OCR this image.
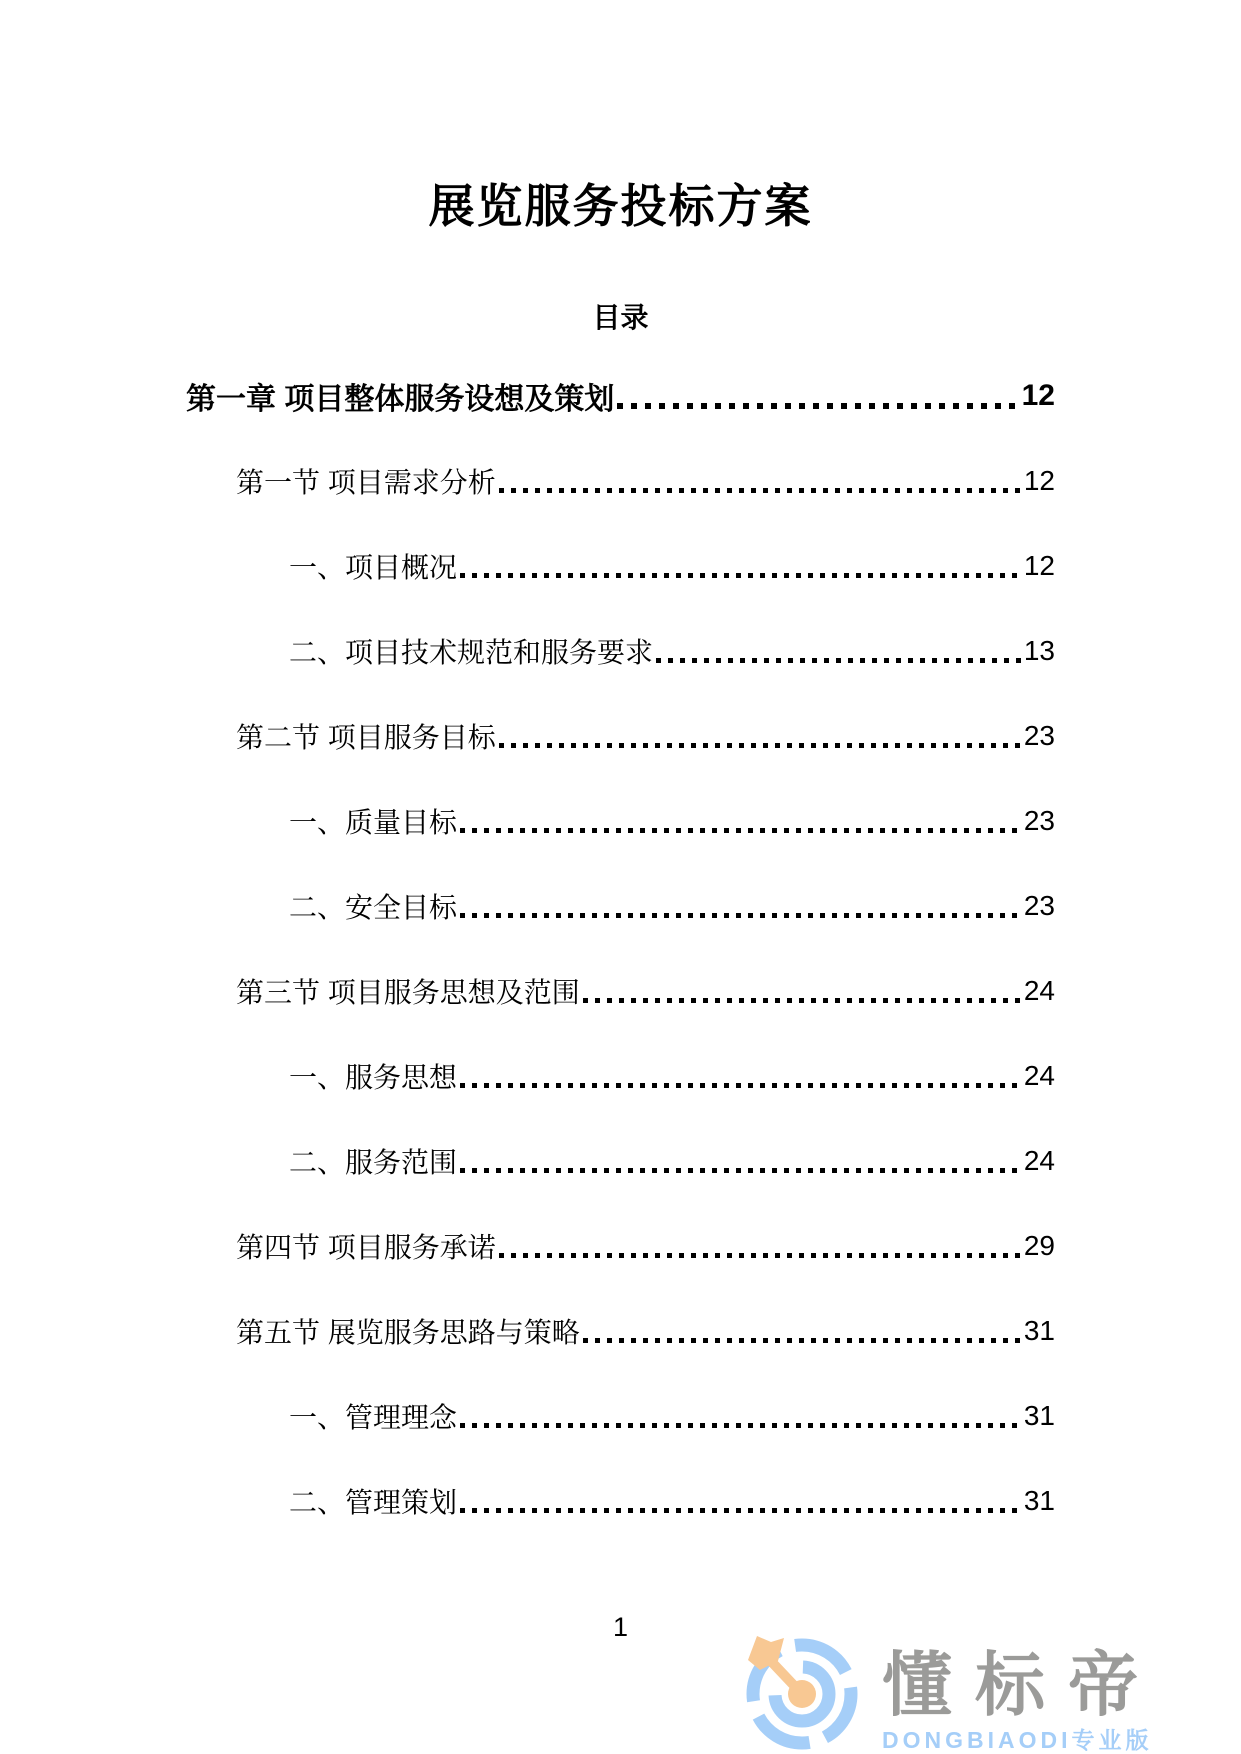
展览服务投标方案
目录
第一章 项目整体服务设想及策划	12
第一节 项目需求分析	12
一、项目概况	12
二、项目技术规范和服务要求	13
第二节 项目服务目标	23
一、质量目标	23
二、安全目标	23
第三节 项目服务思想及范围	24
一、服务思想	24
二、服务范围	24
第四节 项目服务承诺	29
第五节 展览服务思路与策略	31
一、管理理念	31
二、管理策划	31
1
懂标帝
DONGBIAODI专业版
